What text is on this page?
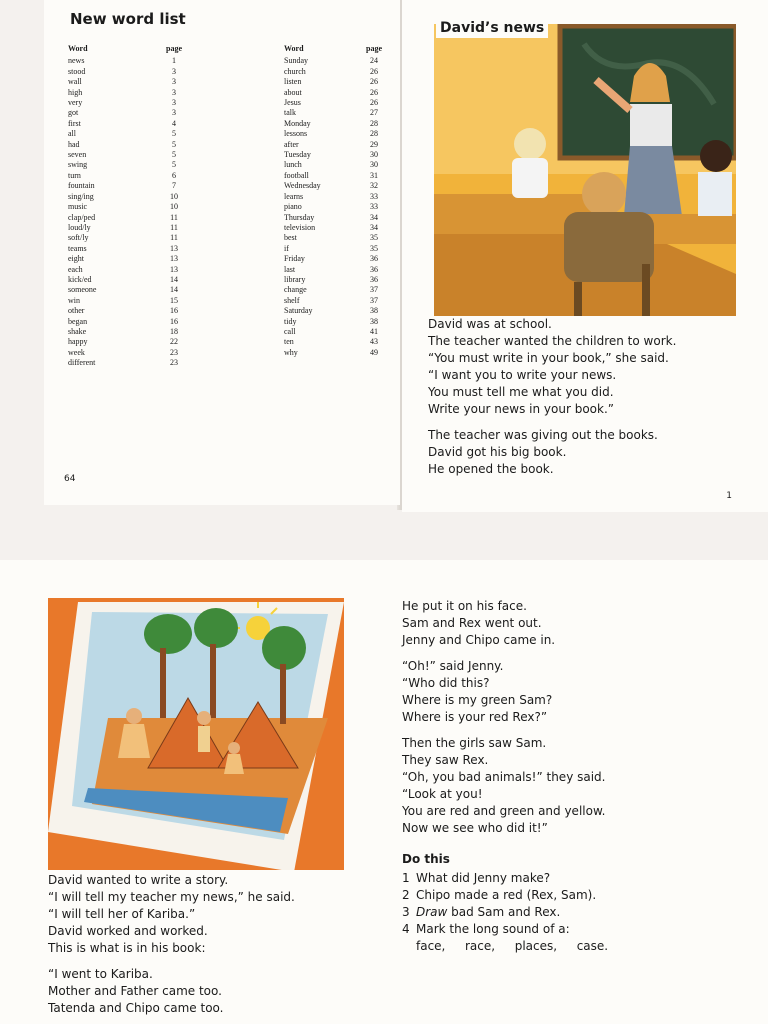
New word list
Word	page
news	1
stood	3
wall	3
high	3
very	3
got	3
first	4
all	5
had	5
seven	5
swing	5
turn	6
fountain	7
sing/ing	10
music	10
clap/ped	11
loud/ly	11
soft/ly	11
teams	13
eight	13
each	13
kick/ed	14
someone	14
win	15
other	16
began	16
shake	18
happy	22
week	23
different	23
Word	page
Sunday	24
church	26
listen	26
about	26
Jesus	26
talk	27
Monday	28
lessons	28
after	29
Tuesday	30
lunch	30
football	31
Wednesday	32
learns	33
piano	33
Thursday	34
television	34
best	35
if	35
Friday	36
last	36
library	36
change	37
shelf	37
Saturday	38
tidy	38
call	41
ten	43
why	49
64
David’s news

David was at school.
The teacher wanted the children to work.
“You must write in your book,” she said.
“I want you to write your news.
You must tell me what you did.
Write your news in your book.”

The teacher was giving out the books.
David got his big book.
He opened the book.

1

David wanted to write a story.
“I will tell my teacher my news,” he said.
“I will tell her of Kariba.”
David worked and worked.
This is what is in his book:

“I went to Kariba.
Mother and Father came too.
Tatenda and Chipo came too.

He put it on his face.
Sam and Rex went out.
Jenny and Chipo came in.

“Oh!” said Jenny.
“Who did this?
Where is my green Sam?
Where is your red Rex?”

Then the girls saw Sam.
They saw Rex.
“Oh, you bad animals!” they said.
“Look at you!
You are red and green and yellow.
Now we see who did it!”

Do this
1 What did Jenny make?
2 Chipo made a red (Rex, Sam).
3 Draw bad Sam and Rex.
4 Mark the long sound of a:
face,  race,  places,  case.
